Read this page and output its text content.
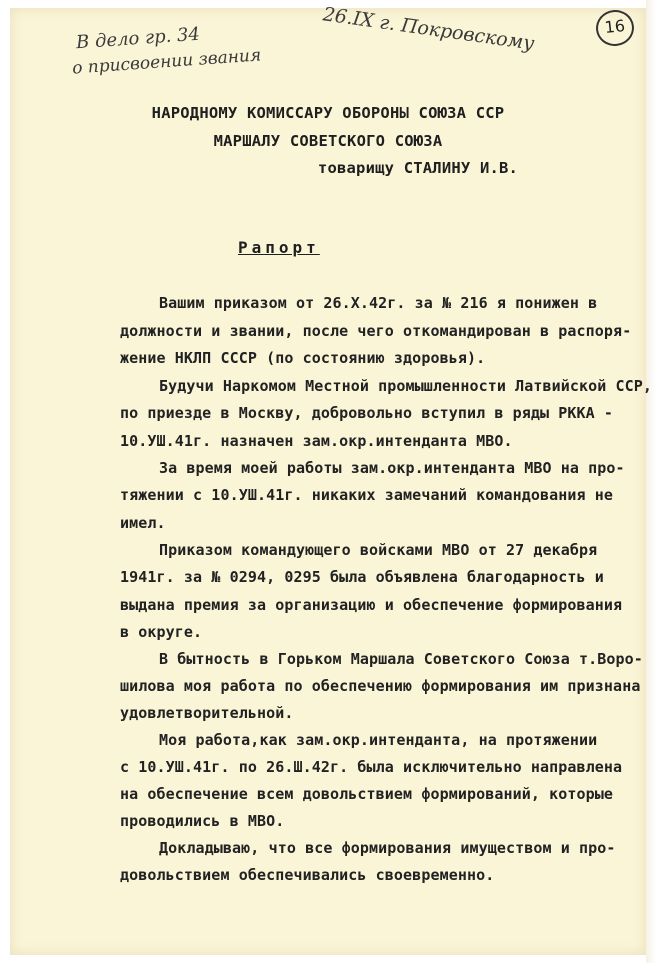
В дело гр. 34
о присвоении звания
26.IX г. Покровскому	16
НАРОДНОМУ КОМИССАРУ ОБОРОНЫ СОЮЗА ССР
МАРШАЛУ СОВЕТСКОГО СОЮЗА
товарищу СТАЛИНУ И.В.
Рапорт
Вашим приказом от 26.Х.42г. за № 216 я понижен в
должности и звании, после чего откомандирован в распоря-
жение НКЛП СССР (по состоянию здоровья).
Будучи Наркомом Местной промышленности Латвийской ССР,
по приезде в Москву, добровольно вступил в ряды РККА -
10.УШ.41г. назначен зам.окр.интенданта МВО.
За время моей работы зам.окр.интенданта МВО на про-
тяжении с 10.УШ.41г. никаких замечаний командования не
имел.
Приказом командующего войсками МВО от 27 декабря
1941г. за № 0294, 0295 была объявлена благодарность и
выдана премия за организацию и обеспечение формирования
в округе.
В бытность в Горьком Маршала Советского Союза т.Воро-
шилова моя работа по обеспечению формирования им признана
удовлетворительной.
Моя работа,как зам.окр.интенданта, на протяжении
с 10.УШ.41г. по 26.Ш.42г. была исключительно направлена
на обеспечение всем довольствием формирований, которые
проводились в МВО.
Докладываю, что все формирования имуществом и про-
довольствием обеспечивались своевременно.
